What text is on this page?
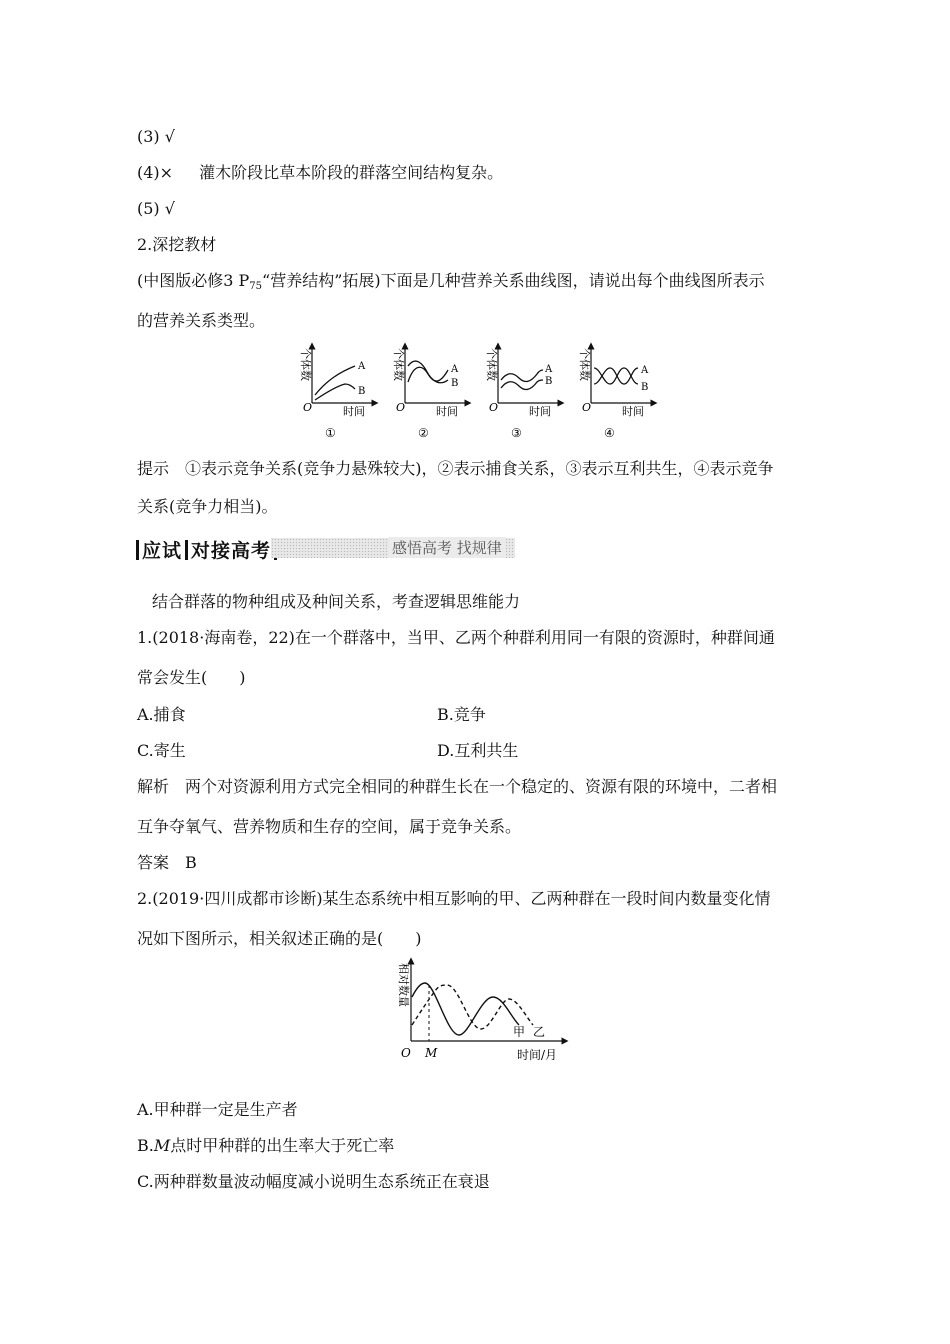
(3) √
(4)× 灌木阶段比草本阶段的群落空间结构复杂。
(5) √
2.深挖教材
(中图版必修3 $P_{75}“$营养结构”拓展)下面是几种营养关系曲线图，请说出每个曲线图所表示
的营养关系类型。
个体数	A
B
O	时间
①
个体数	A
B
O	时间
②
个体数	A
B
O	时间
③
个体数	A
B
O	时间
④
提示　①表示竞争关系(竞争力悬殊较大)，②表示捕食关系，③表示互利共生，④表示竞争
关系(竞争力相当)。
应试 对接高考	感悟高考 找规律
结合群落的物种组成及种间关系，考查逻辑思维能力
1.(2018·海南卷，22)在一个群落中，当甲、乙两个种群利用同一有限的资源时，种群间通
常会发生(　　)
A.捕食	B.竞争
C.寄生	D.互利共生
解析　两个对资源利用方式完全相同的种群生长在一个稳定的、资源有限的环境中，二者相
互争夺氧气、营养物质和生存的空间，属于竞争关系。
答案　B
2.(2019·四川成都市诊断)某生态系统中相互影响的甲、乙两种群在一段时间内数量变化情
况如下图所示，相关叙述正确的是(　　)
相对数量
O M	时间/月
甲 乙
A.甲种群一定是生产者
B.M点时甲种群的出生率大于死亡率
C.两种群数量波动幅度减小说明生态系统正在衰退
